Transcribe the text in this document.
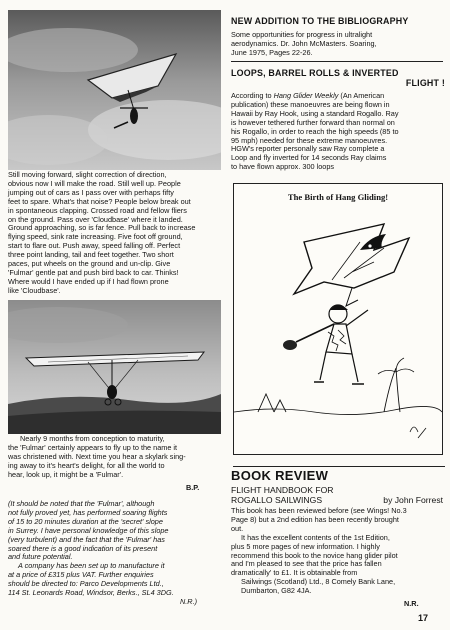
Still moving forward, slight correction of direction,

obvious now I will make the road. Still well up. People

jumping out of cars as I pass over with perhaps fifty

feet to spare. What's that noise? People below break out

in spontaneous clapping. Crossed road and fellow fliers

on the ground. Pass over 'Cloudbase' where it landed.

Ground approaching, so is far fence. Pull back to increase

flying speed, sink rate increasing. Five foot off ground,

start to flare out. Push away, speed falling off. Perfect

three point landing, tail and feet together. Two short

paces, put wheels on the ground and un-clip. Give

'Fulmar' gentle pat and push bird back to car. Thinks!

Where would I have ended up if I had flown prone

like 'Cloudbase'.

Nearly 9 months from conception to maturity,

the 'Fulmar' certainly appears to fly up to the name it

was christened with. Next time you hear a skylark sing-

ing away to it's heart's delight, for all the world to

hear, look up, it might be a 'Fulmar'.

B.P.

(It should be noted that the 'Fulmar', although

not fully proved yet, has performed soaring flights

of 15 to 20 minutes duration at the 'secret' slope

in Surrey. I have personal knowledge of this slope

(very turbulent) and the fact that the 'Fulmar' has

soared there is a good indication of its present

and future potential.

A company has been set up to manufacture it

at a price of £315 plus VAT. Further enquiries

should be directed to: Parco Developments Ltd.,

114 St. Leonards Road, Windsor, Berks., SL4 3DG.

N.R.)
NEW ADDITION TO THE BIBLIOGRAPHY

Some opportunities for progress in ultralight

aerodynamics. Dr. John McMasters. Soaring,

June 1975, Pages 22-26.

LOOPS, BARREL ROLLS & INVERTED
FLIGHT !

According to Hang Glider Weekly (An American

publication) these manoeuvres are being flown in

Hawaii by Ray Hook, using a standard Rogallo. Ray

is however tethered further forward than normal on

his Rogallo, in order to reach the high speeds (85 to

95 mph) needed for these extreme manoeuvres.

HGW's reporter personally saw Ray complete a

Loop and fly inverted for 14 seconds Ray claims

to have flown approx. 300 loops

The Birth of Hang Gliding!
BOOK REVIEW
FLIGHT HANDBOOK FOR
ROGALLO SAILWINGS	by John Forrest

This book has been reviewed before (see Wings! No.3

Page 8) but a 2nd edition has been recently brought

out.

It has the excellent contents of the 1st Edition,

plus 5 more pages of new information. I highly

recommend this book to the novice hang glider pilot

and I'm pleased to see that the price has fallen

dramatically' to £1. It is obtainable from

Sailwings (Scotland) Ltd., 8 Comely Bank Lane,

Dumbarton, G82 4JA.

N.R.
17
